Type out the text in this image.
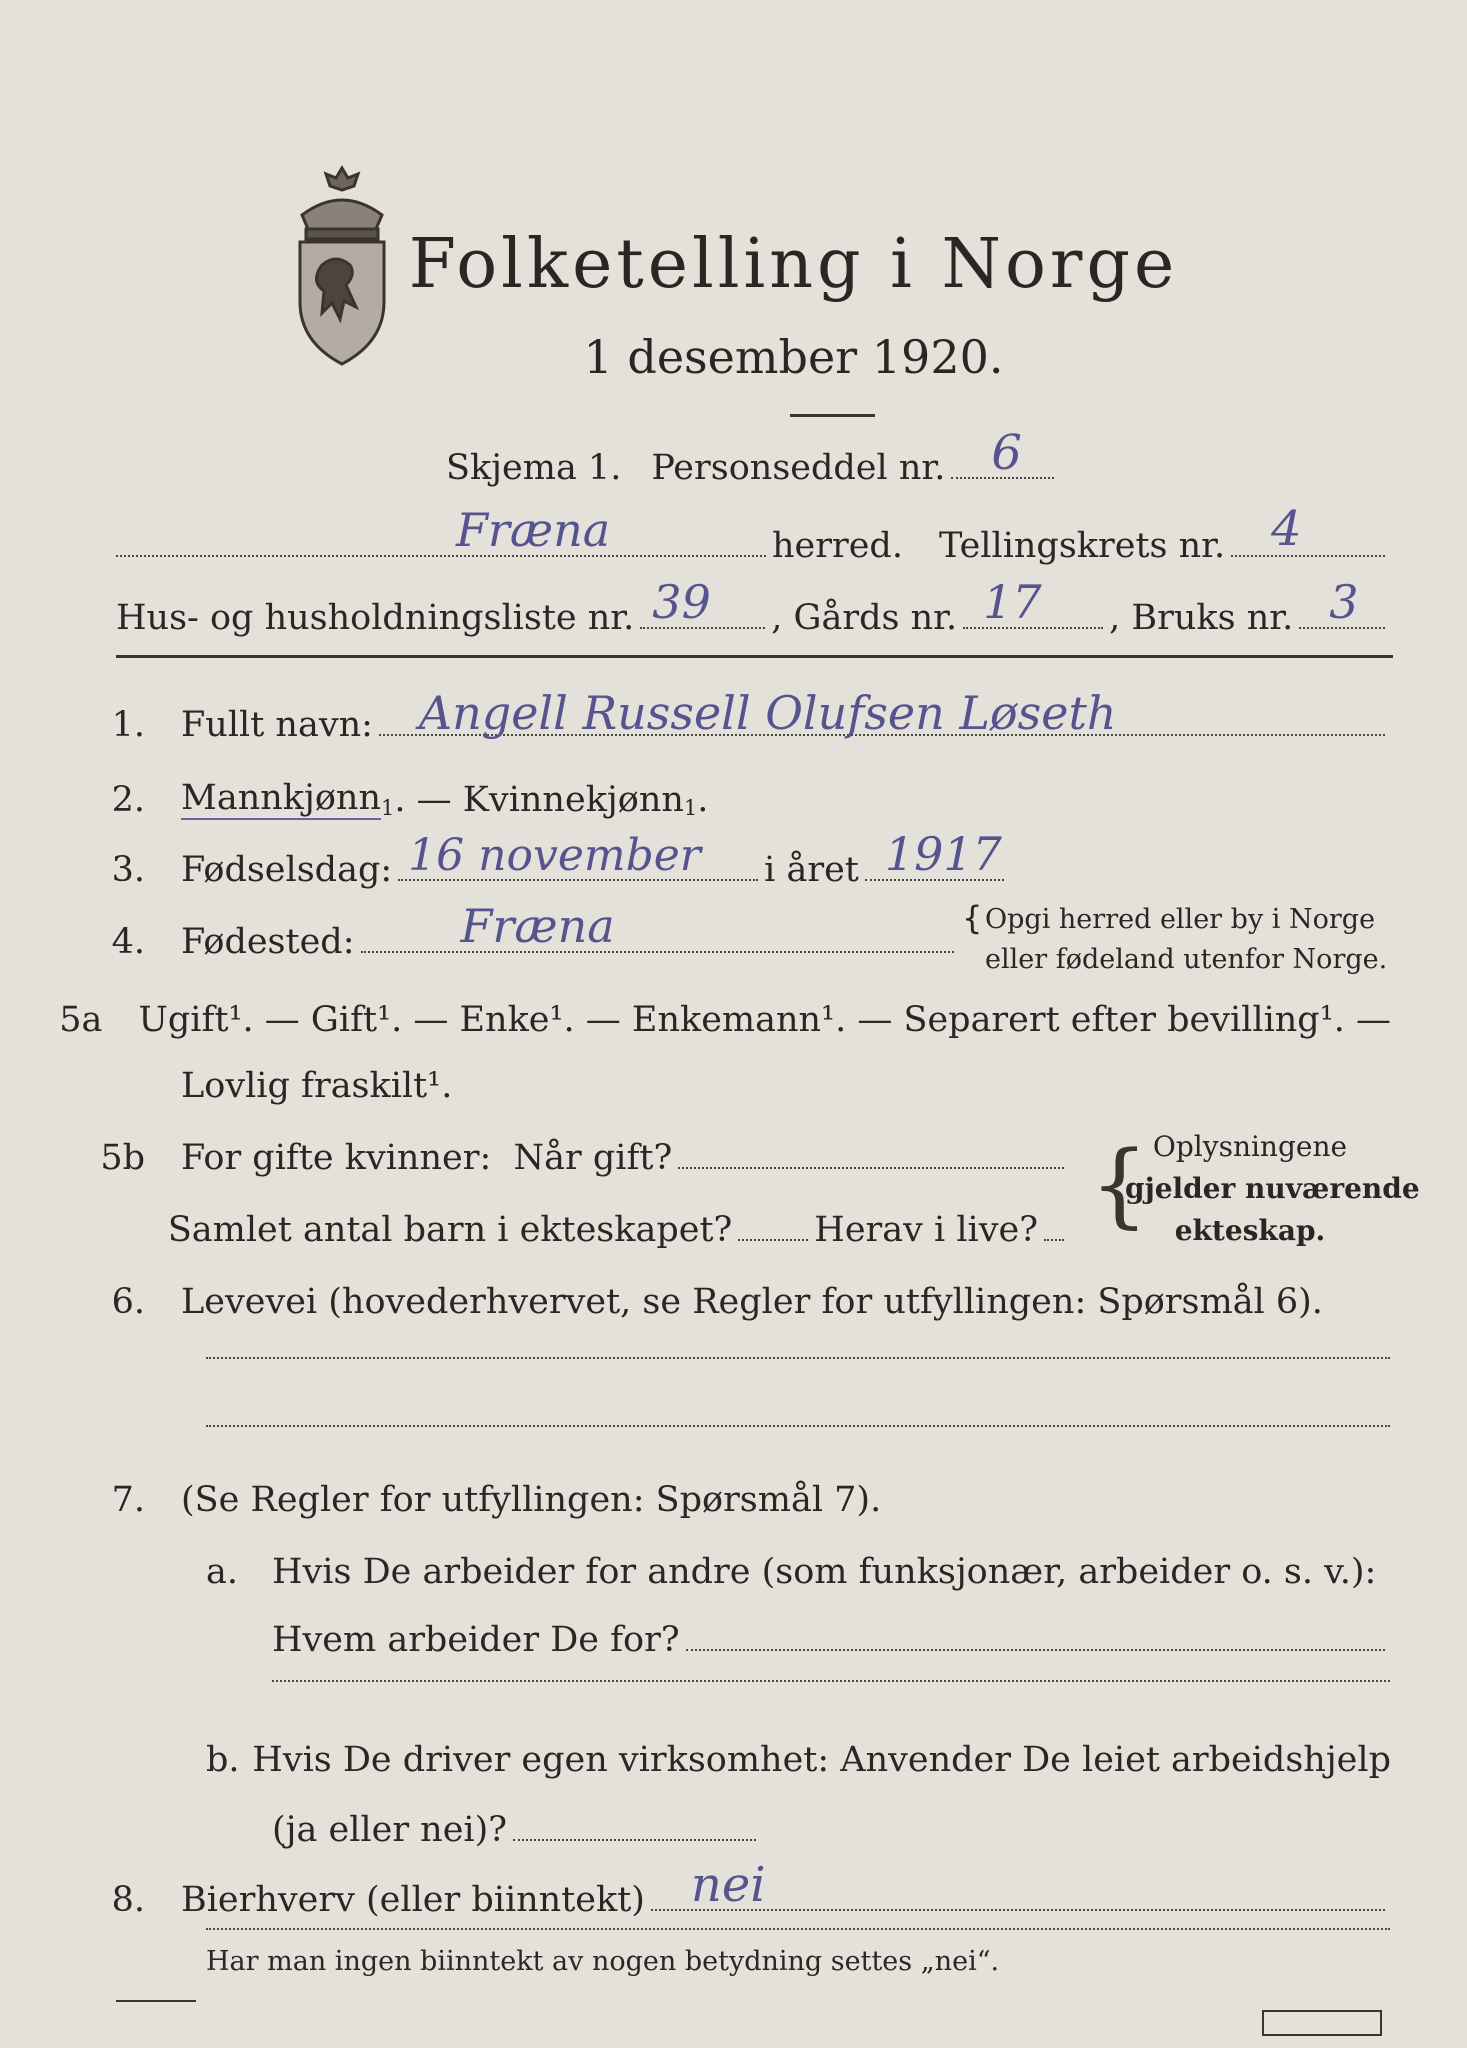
Folketelling i Norge
1 desember 1920.
Skjema 1. Personseddel nr. 6
Fræna	herred. Tellingskrets nr. 4
Hus- og husholdningsliste nr. 39 , Gårds nr. 17 , Bruks nr. 3
1. Fullt navn: Angell Russell Olufsen Løseth
2. Mannkjønn 1 . — Kvinnekjønn 1 .
3. Fødselsdag: 16 november i året 1917
4. Fødested: Fræna	{ Opgi herred eller by i Norge
eller fødeland utenfor Norge.
5a Ugift¹. — Gift¹. — Enke¹. — Enkemann¹. — Separert efter bevilling¹. —
Lovlig fraskilt¹.
5b For gifte kvinner:  Når gift?
Samlet antal barn i ekteskapet? Herav i live? { Oplysningene
gjelder nuværende
ekteskap.
6. Levevei (hovederhvervet, se Regler for utfyllingen: Spørsmål 6).
7. (Se Regler for utfyllingen: Spørsmål 7).
a. Hvis De arbeider for andre (som funksjonær, arbeider o. s. v.):
Hvem arbeider De for?
b. Hvis De driver egen virksomhet: Anvender De leiet arbeidshjelp
(ja eller nei)?
8. Bierhverv (eller biinntekt) nei
Har man ingen biinntekt av nogen betydning settes „nei“.
